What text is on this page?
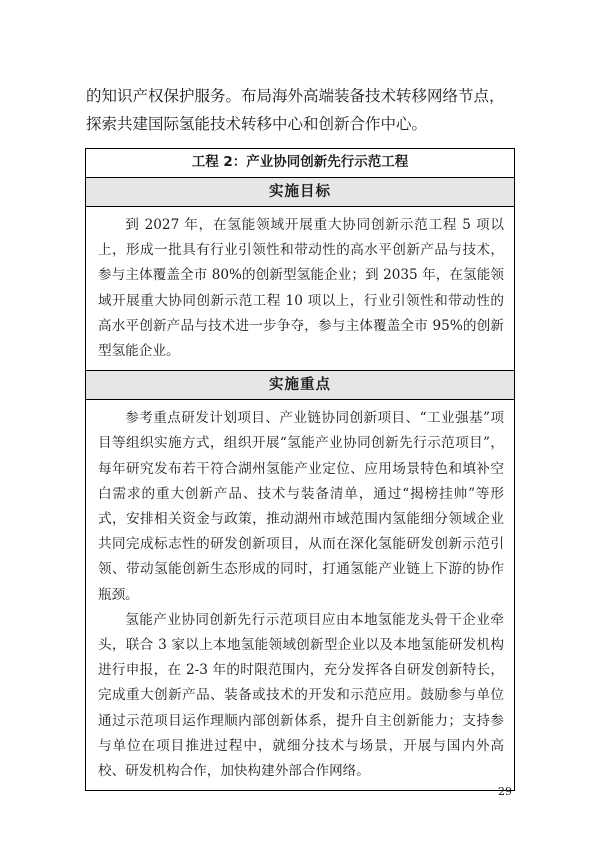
的知识产权保护服务。布局海外高端装备技术转移网络节点，

探索共建国际氢能技术转移中心和创新合作中心。

工程 2：产业协同创新先行示范工程
实施目标

到 2027 年，在氢能领域开展重大协同创新示范工程 5 项以上，形成一批具有行业引领性和带动性的高水平创新产品与技术，参与主体覆盖全市 80%的创新型氢能企业；到 2035 年，在氢能领域开展重大协同创新示范工程 10 项以上，行业引领性和带动性的高水平创新产品与技术进一步争夺，参与主体覆盖全市 95%的创新型氢能企业。

实施重点

参考重点研发计划项目、产业链协同创新项目、“工业强基”项目等组织实施方式，组织开展“氢能产业协同创新先行示范项目”，每年研究发布若干符合湖州氢能产业定位、应用场景特色和填补空白需求的重大创新产品、技术与装备清单，通过“揭榜挂帅”等形式，安排相关资金与政策，推动湖州市域范围内氢能细分领域企业共同完成标志性的研发创新项目，从而在深化氢能研发创新示范引领、带动氢能创新生态形成的同时，打通氢能产业链上下游的协作瓶颈。

氢能产业协同创新先行示范项目应由本地氢能龙头骨干企业牵头，联合 3 家以上本地氢能领域创新型企业以及本地氢能研发机构进行申报，在 2-3 年的时限范围内，充分发挥各自研发创新特长，完成重大创新产品、装备或技术的开发和示范应用。鼓励参与单位通过示范项目运作理顺内部创新体系，提升自主创新能力；支持参与单位在项目推进过程中，就细分技术与场景，开展与国内外高校、研发机构合作，加快构建外部合作网络。

29
